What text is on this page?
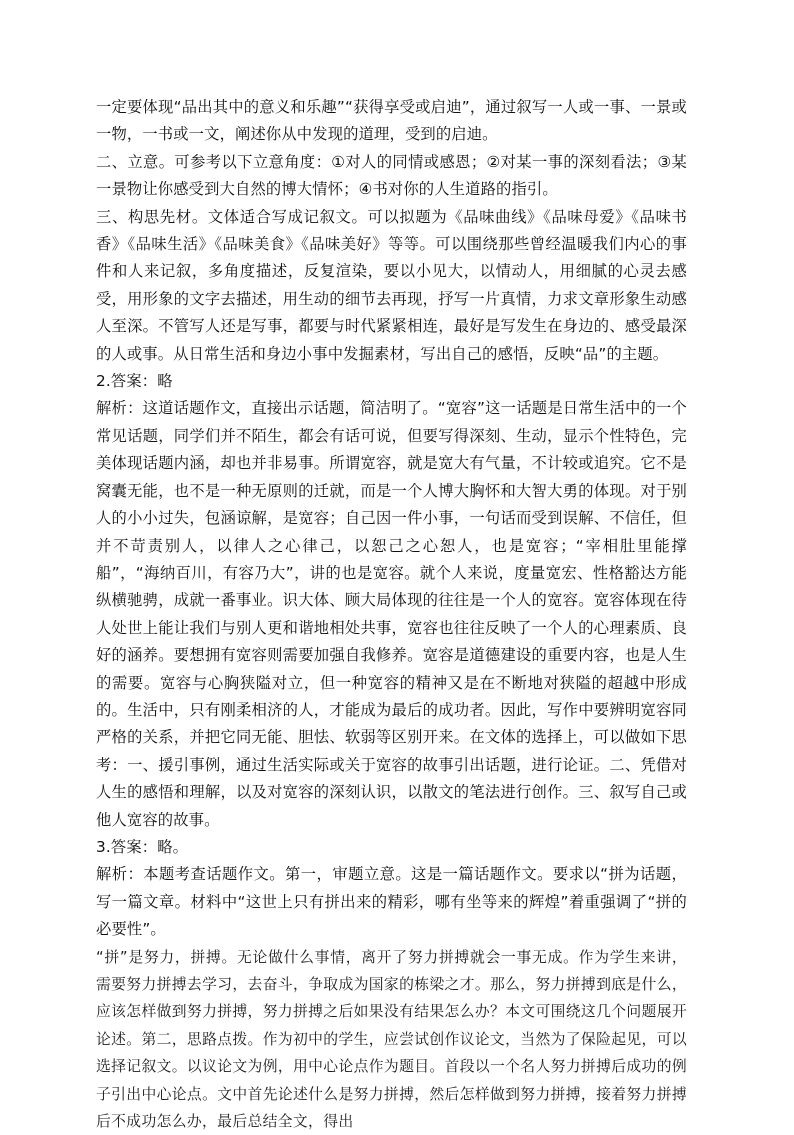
一定要体现“品出其中的意义和乐趣”“获得享受或启迪”，通过叙写一人或一事、一景或一物，一书或一文，阐述你从中发现的道理，受到的启迪。

二、立意。可参考以下立意角度：①对人的同情或感恩；②对某一事的深刻看法；③某一景物让你感受到大自然的博大情怀；④书对你的人生道路的指引。

三、构思先材。文体适合写成记叙文。可以拟题为《品味曲线》《品味母爱》《品味书香》《品味生活》《品味美食》《品味美好》等等。可以围绕那些曾经温暖我们内心的事件和人来记叙，多角度描述，反复渲染，要以小见大，以情动人，用细腻的心灵去感受，用形象的文字去描述，用生动的细节去再现，抒写一片真情，力求文章形象生动感人至深。不管写人还是写事，都要与时代紧紧相连，最好是写发生在身边的、感受最深的人或事。从日常生活和身边小事中发掘素材，写出自己的感悟，反映“品”的主题。

2.答案：略

解析：这道话题作文，直接出示话题，简洁明了。“宽容”这一话题是日常生活中的一个常见话题，同学们并不陌生，都会有话可说，但要写得深刻、生动，显示个性特色，完美体现话题内涵，却也并非易事。所谓宽容，就是宽大有气量，不计较或追究。它不是窝囊无能，也不是一种无原则的迁就，而是一个人博大胸怀和大智大勇的体现。对于别人的小小过失，包涵谅解，是宽容；自己因一件小事，一句话而受到误解、不信任，但并不苛责别人，以律人之心律己，以恕己之心恕人，也是宽容；“宰相肚里能撑船”，“海纳百川，有容乃大”，讲的也是宽容。就个人来说，度量宽宏、性格豁达方能纵横驰骋，成就一番事业。识大体、顾大局体现的往往是一个人的宽容。宽容体现在待人处世上能让我们与别人更和谐地相处共事，宽容也往往反映了一个人的心理素质、良好的涵养。要想拥有宽容则需要加强自我修养。宽容是道德建设的重要内容，也是人生的需要。宽容与心胸狭隘对立，但一种宽容的精神又是在不断地对狭隘的超越中形成的。生活中，只有刚柔相济的人，才能成为最后的成功者。因此，写作中要辨明宽容同严格的关系，并把它同无能、胆怯、软弱等区别开来。在文体的选择上，可以做如下思考：一、援引事例，通过生活实际或关于宽容的故事引出话题，进行论证。二、凭借对人生的感悟和理解，以及对宽容的深刻认识，以散文的笔法进行创作。三、叙写自己或他人宽容的故事。

3.答案：略。

解析：本题考查话题作文。第一，审题立意。这是一篇话题作文。要求以“拼为话题，写一篇文章。材料中“这世上只有拼出来的精彩，哪有坐等来的辉煌”着重强调了“拼的必要性”。

“拼”是努力，拼搏。无论做什么事情，离开了努力拼搏就会一事无成。作为学生来讲，需要努力拼搏去学习，去奋斗，争取成为国家的栋梁之才。那么，努力拼搏到底是什么，应该怎样做到努力拼搏，努力拼搏之后如果没有结果怎么办？本文可围绕这几个问题展开论述。第二，思路点拨。作为初中的学生，应尝试创作议论文，当然为了保险起见，可以选择记叙文。以议论文为例，用中心论点作为题目。首段以一个名人努力拼搏后成功的例子引出中心论点。文中首先论述什么是努力拼搏，然后怎样做到努力拼搏，接着努力拼搏后不成功怎么办，最后总结全文，得出
